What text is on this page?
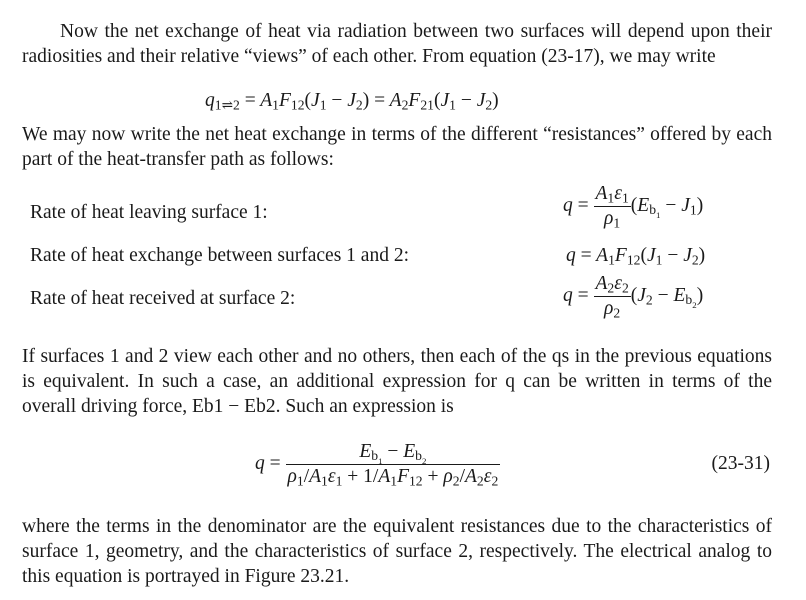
Now the net exchange of heat via radiation between two surfaces will depend upon their radiosities and their relative “views” of each other. From equation (23-17), we may write

$q_{1\rightleftharpoons 2} = A_1F_{12}(J_1 - J_2) = A_2F_{21}(J_1 - J_2)$

We may now write the net heat exchange in terms of the different “resistances” offered by each part of the heat-transfer path as follows:

Rate of heat leaving surface 1:	$q = \frac{A_1\varepsilon_1}{\rho_1} (E_{b_1} - J_1)$

Rate of heat exchange between surfaces 1 and 2:	$q = A_1F_{12}(J_1 - J_2)$

Rate of heat received at surface 2:	$q = \frac{A_2\varepsilon_2}{\rho_2} (J_2 - E_{b_2})$

If surfaces 1 and 2 view each other and no others, then each of the qs in the previous equations is equivalent. In such a case, an additional expression for q can be written in terms of the overall driving force, Eb1 − Eb2. Such an expression is

$q = \frac{E_{b_1} - E_{b_2}}{\rho_1/A_1\varepsilon_1 + 1/A_1F_{12} + \rho_2/A_2\varepsilon_2}$	(23-31)

where the terms in the denominator are the equivalent resistances due to the characteristics of surface 1, geometry, and the characteristics of surface 2, respectively. The electrical analog to this equation is portrayed in Figure 23.21.
